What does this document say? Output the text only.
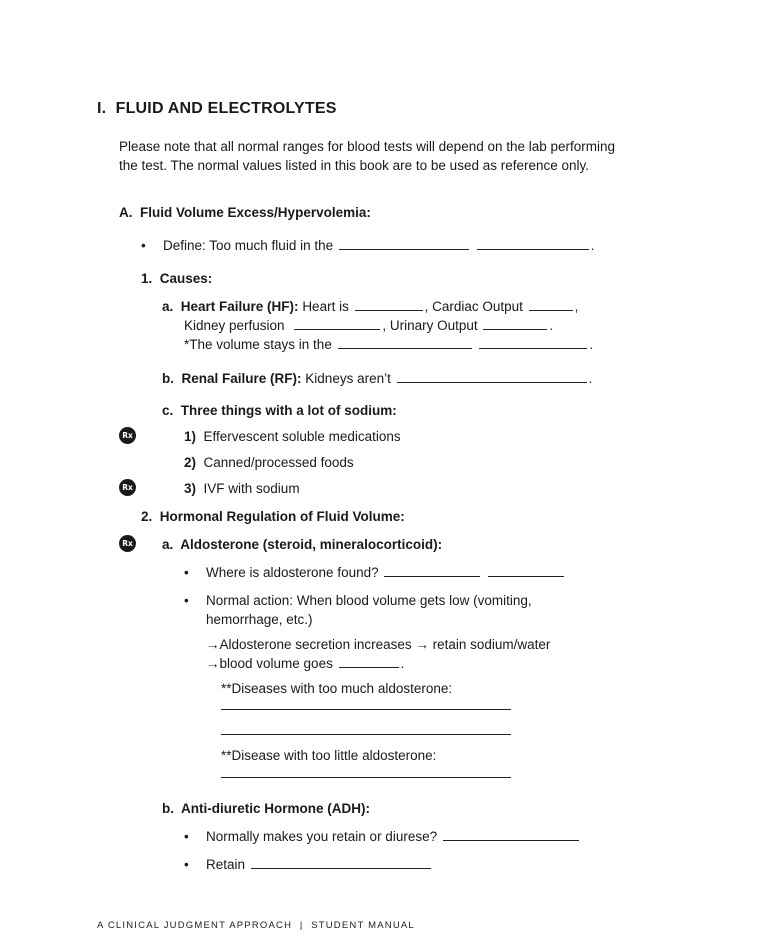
I. FLUID AND ELECTROLYTES
Please note that all normal ranges for blood tests will depend on the lab performing
the test. The normal values listed in this book are to be used as reference only.
A. Fluid Volume Excess/Hypervolemia:
• Define: Too much fluid in the	.
1. Causes:
a. Heart Failure (HF): Heart is	, Cardiac Output	,
Kidney perfusion	, Urinary Output	.
*The volume stays in the	.
b. Renal Failure (RF): Kidneys aren’t	.
c. Three things with a lot of sodium:
Rx	1) Effervescent soluble medications
2) Canned/processed foods
Rx	3) IVF with sodium
2. Hormonal Regulation of Fluid Volume:
Rx a. Aldosterone (steroid, mineralocorticoid):
• Where is aldosterone found?
• Normal action: When blood volume gets low (vomiting,
hemorrhage, etc.)
→Aldosterone secretion increases → retain sodium/water
→blood volume goes	.
**Diseases with too much aldosterone:
**Disease with too little aldosterone:
b. Anti-diuretic Hormone (ADH):
• Normally makes you retain or diurese?
• Retain
A CLINICAL JUDGMENT APPROACH | STUDENT MANUAL
